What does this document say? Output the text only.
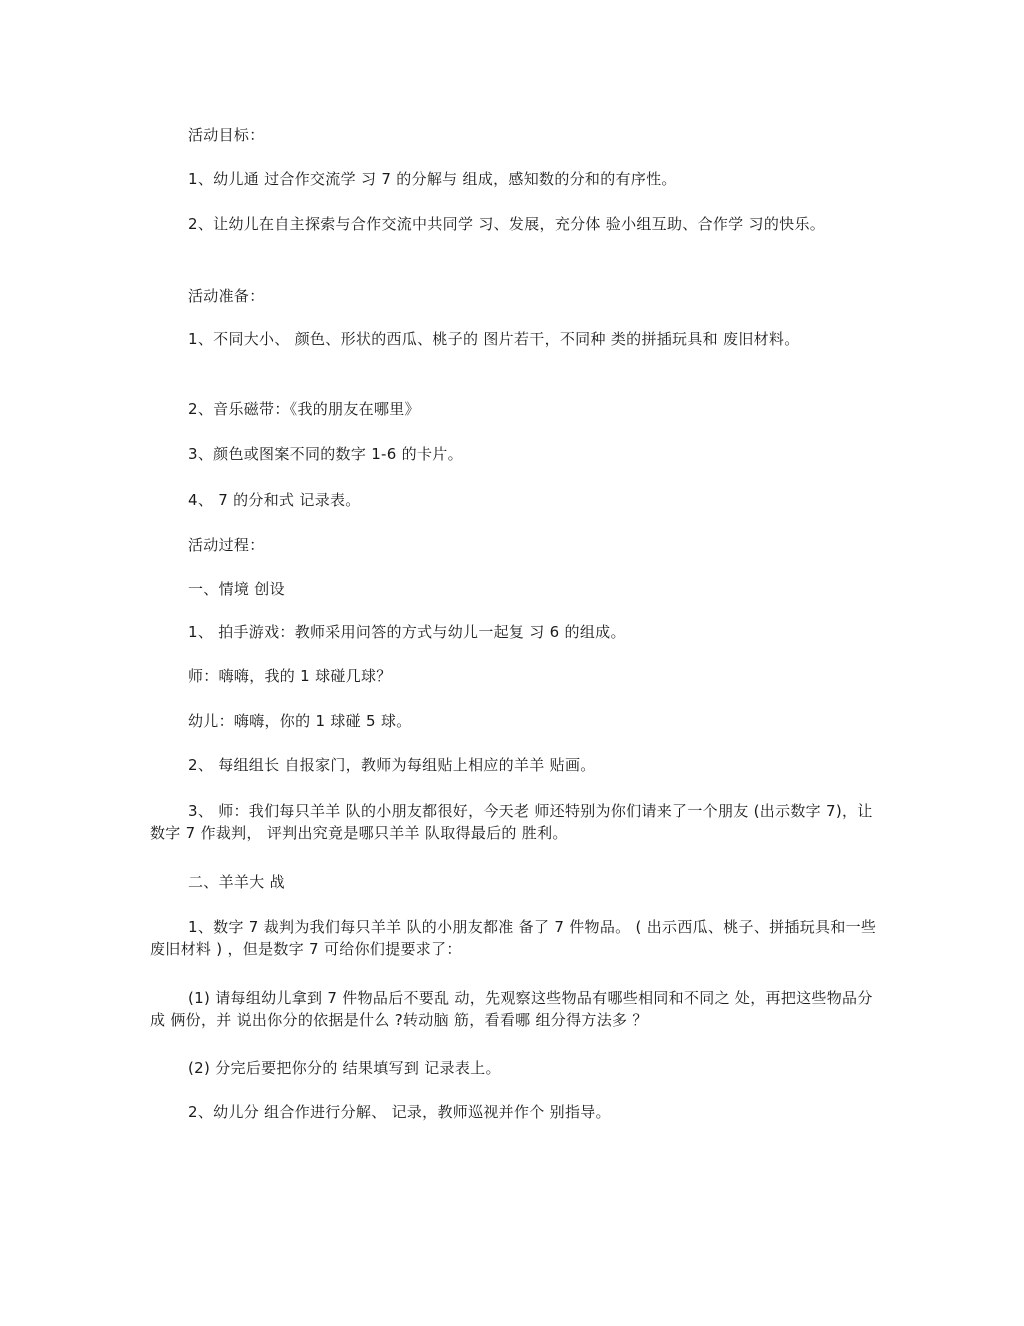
活动目标：

1、幼儿通 过合作交流学 习 7 的分解与 组成，感知数的分和的有序性。

2、让幼儿在自主探索与合作交流中共同学 习、发展，充分体 验小组互助、合作学 习的快乐。

活动准备：

1、不同大小、 颜色、形状的西瓜、桃子的 图片若干，不同种 类的拼插玩具和 废旧材料。

2、音乐磁带：《我的朋友在哪里》

3、颜色或图案不同的数字 1-6 的卡片。

4、 7 的分和式 记录表。

活动过程：

一、情境 创设

1、 拍手游戏：教师采用问答的方式与幼儿一起复 习 6 的组成。

师：嗨嗨，我的 1 球碰几球？

幼儿：嗨嗨，你的 1 球碰 5 球。

2、 每组组长 自报家门，教师为每组贴上相应的羊羊 贴画。

3、 师：我们每只羊羊 队的小朋友都很好，今天老 师还特别为你们请来了一个朋友 (出示数字 7)，让数字 7 作裁判， 评判出究竟是哪只羊羊 队取得最后的 胜利。

二、羊羊大 战

1、数字 7 裁判为我们每只羊羊 队的小朋友都准 备了 7 件物品。 ( 出示西瓜、桃子、拼插玩具和一些 废旧材料 ) ，但是数字 7 可给你们提要求了：

(1) 请每组幼儿拿到 7 件物品后不要乱 动，先观察这些物品有哪些相同和不同之 处，再把这些物品分成 俩份，并 说出你分的依据是什么 ?转动脑 筋，看看哪 组分得方法多 ？

(2) 分完后要把你分的 结果填写到 记录表上。

2、幼儿分 组合作进行分解、 记录，教师巡视并作个 别指导。
